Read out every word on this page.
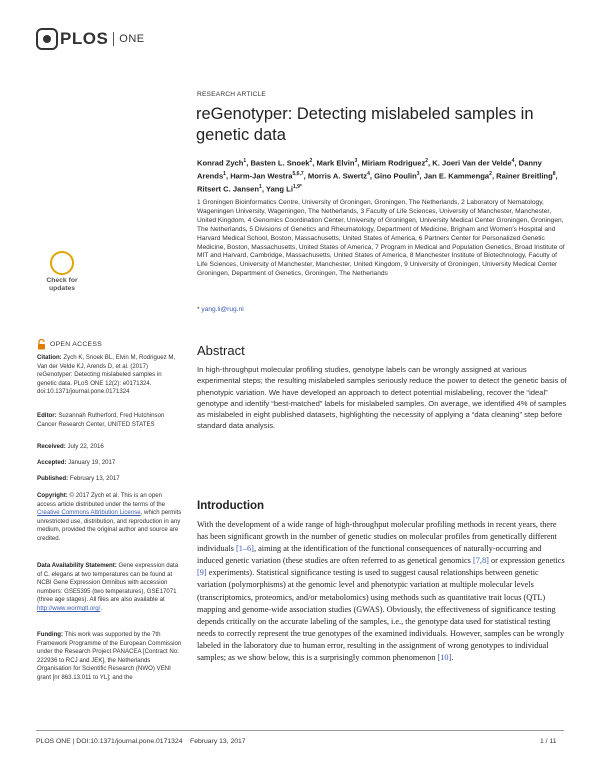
PLOS ONE
RESEARCH ARTICLE
reGenotyper: Detecting mislabeled samples in genetic data
Konrad Zych$^1$, Basten L. Snoek$^2$, Mark Elvin$^3$, Miriam Rodriguez$^2$, K. Joeri Van der Velde$^4$, Danny Arends$^1$, Harm-Jan Westra$^{5,6,7}$, Morris A. Swertz$^4$, Gino Poulin$^3$, Jan E. Kammenga$^2$, Rainer Breitling$^8$, Ritsert C. Jansen$^1$, Yang $Li^{1,9*}$
1 Groningen Bioinformatics Centre, University of Groningen, Groningen, The Netherlands, 2 Laboratory of Nematology, Wageningen University, Wageningen, The Netherlands, 3 Faculty of Life Sciences, University of Manchester, Manchester, United Kingdom, 4 Genomics Coordination Center, University of Groningen, University Medical Center Groningen, Groningen, The Netherlands, 5 Divisions of Genetics and Rheumatology, Department of Medicine, Brigham and Women's Hospital and Harvard Medical School, Boston, Massachusetts, United States of America, 6 Partners Center for Personalized Genetic Medicine, Boston, Massachusetts, United States of America, 7 Program in Medical and Population Genetics, Broad Institute of MIT and Harvard, Cambridge, Massachusetts, United States of America, 8 Manchester Institute of Biotechnology, Faculty of Life Sciences, University of Manchester, Manchester, United Kingdom, 9 University of Groningen, University Medical Center Groningen, Department of Genetics, Groningen, The Netherlands
* yang.li@rug.nl
Check for
updates
OPEN ACCESS
Citation: Zych K, Snoek BL, Elvin M, Rodriguez M, Van der Velde KJ, Arends D, et al. (2017) reGenotyper: Detecting mislabeled samples in genetic data. PLoS ONE 12(2): e0171324. doi:10.1371/journal.pone.0171324
Editor: Suzannah Rutherford, Fred Hutchinson Cancer Research Center, UNITED STATES
Received: July 22, 2016
Accepted: January 19, 2017
Published: February 13, 2017
Copyright: © 2017 Zych et al. This is an open access article distributed under the terms of the Creative Commons Attribution License, which permits unrestricted use, distribution, and reproduction in any medium, provided the original author and source are credited.
Data Availability Statement: Gene expression data of C. elegans at two temperatures can be found at NCBI Gene Expression Omnibus with accession numbers: GSE5395 (two temperatures), GSE17071 (three age stages). All files are also available at http://www.wormqtl.org/.
Funding: This work was supported by the 7th Framework Programme of the European Commission under the Research Project PANACEA [Contract No: 222936 to RCJ and JEK], the Netherlands Organisation for Scientific Research (NWO) VENI grant [nr 863.13.011 to YL]; and the
Abstract
In high-throughput molecular profiling studies, genotype labels can be wrongly assigned at various experimental steps; the resulting mislabeled samples seriously reduce the power to detect the genetic basis of phenotypic variation. We have developed an approach to detect potential mislabeling, recover the “ideal” genotype and identify “best-matched” labels for mislabeled samples. On average, we identified 4% of samples as mislabeled in eight published datasets, highlighting the necessity of applying a “data cleaning” step before standard data analysis.
Introduction
With the development of a wide range of high-throughput molecular profiling methods in recent years, there has been significant growth in the number of genetic studies on molecular profiles from genetically different individuals [1–6], aiming at the identification of the functional consequences of naturally-occurring and induced genetic variation (these studies are often referred to as genetical genomics [7,8] or expression genetics [9] experiments). Statistical significance testing is used to suggest causal relationships between genetic variation (polymorphisms) at the genomic level and phenotypic variation at multiple molecular levels (transcriptomics, proteomics, and/or metabolomics) using methods such as quantitative trait locus (QTL) mapping and genome-wide association studies (GWAS). Obviously, the effectiveness of significance testing depends critically on the accurate labeling of the samples, i.e., the genotype data used for statistical testing needs to correctly represent the true genotypes of the examined individuals. However, samples can be wrongly labeled in the laboratory due to human error, resulting in the assignment of wrong genotypes to individual samples; as we show below, this is a surprisingly common phenomenon [10].
PLOS ONE | DOI:10.1371/journal.pone.0171324    February 13, 2017	1 / 11
